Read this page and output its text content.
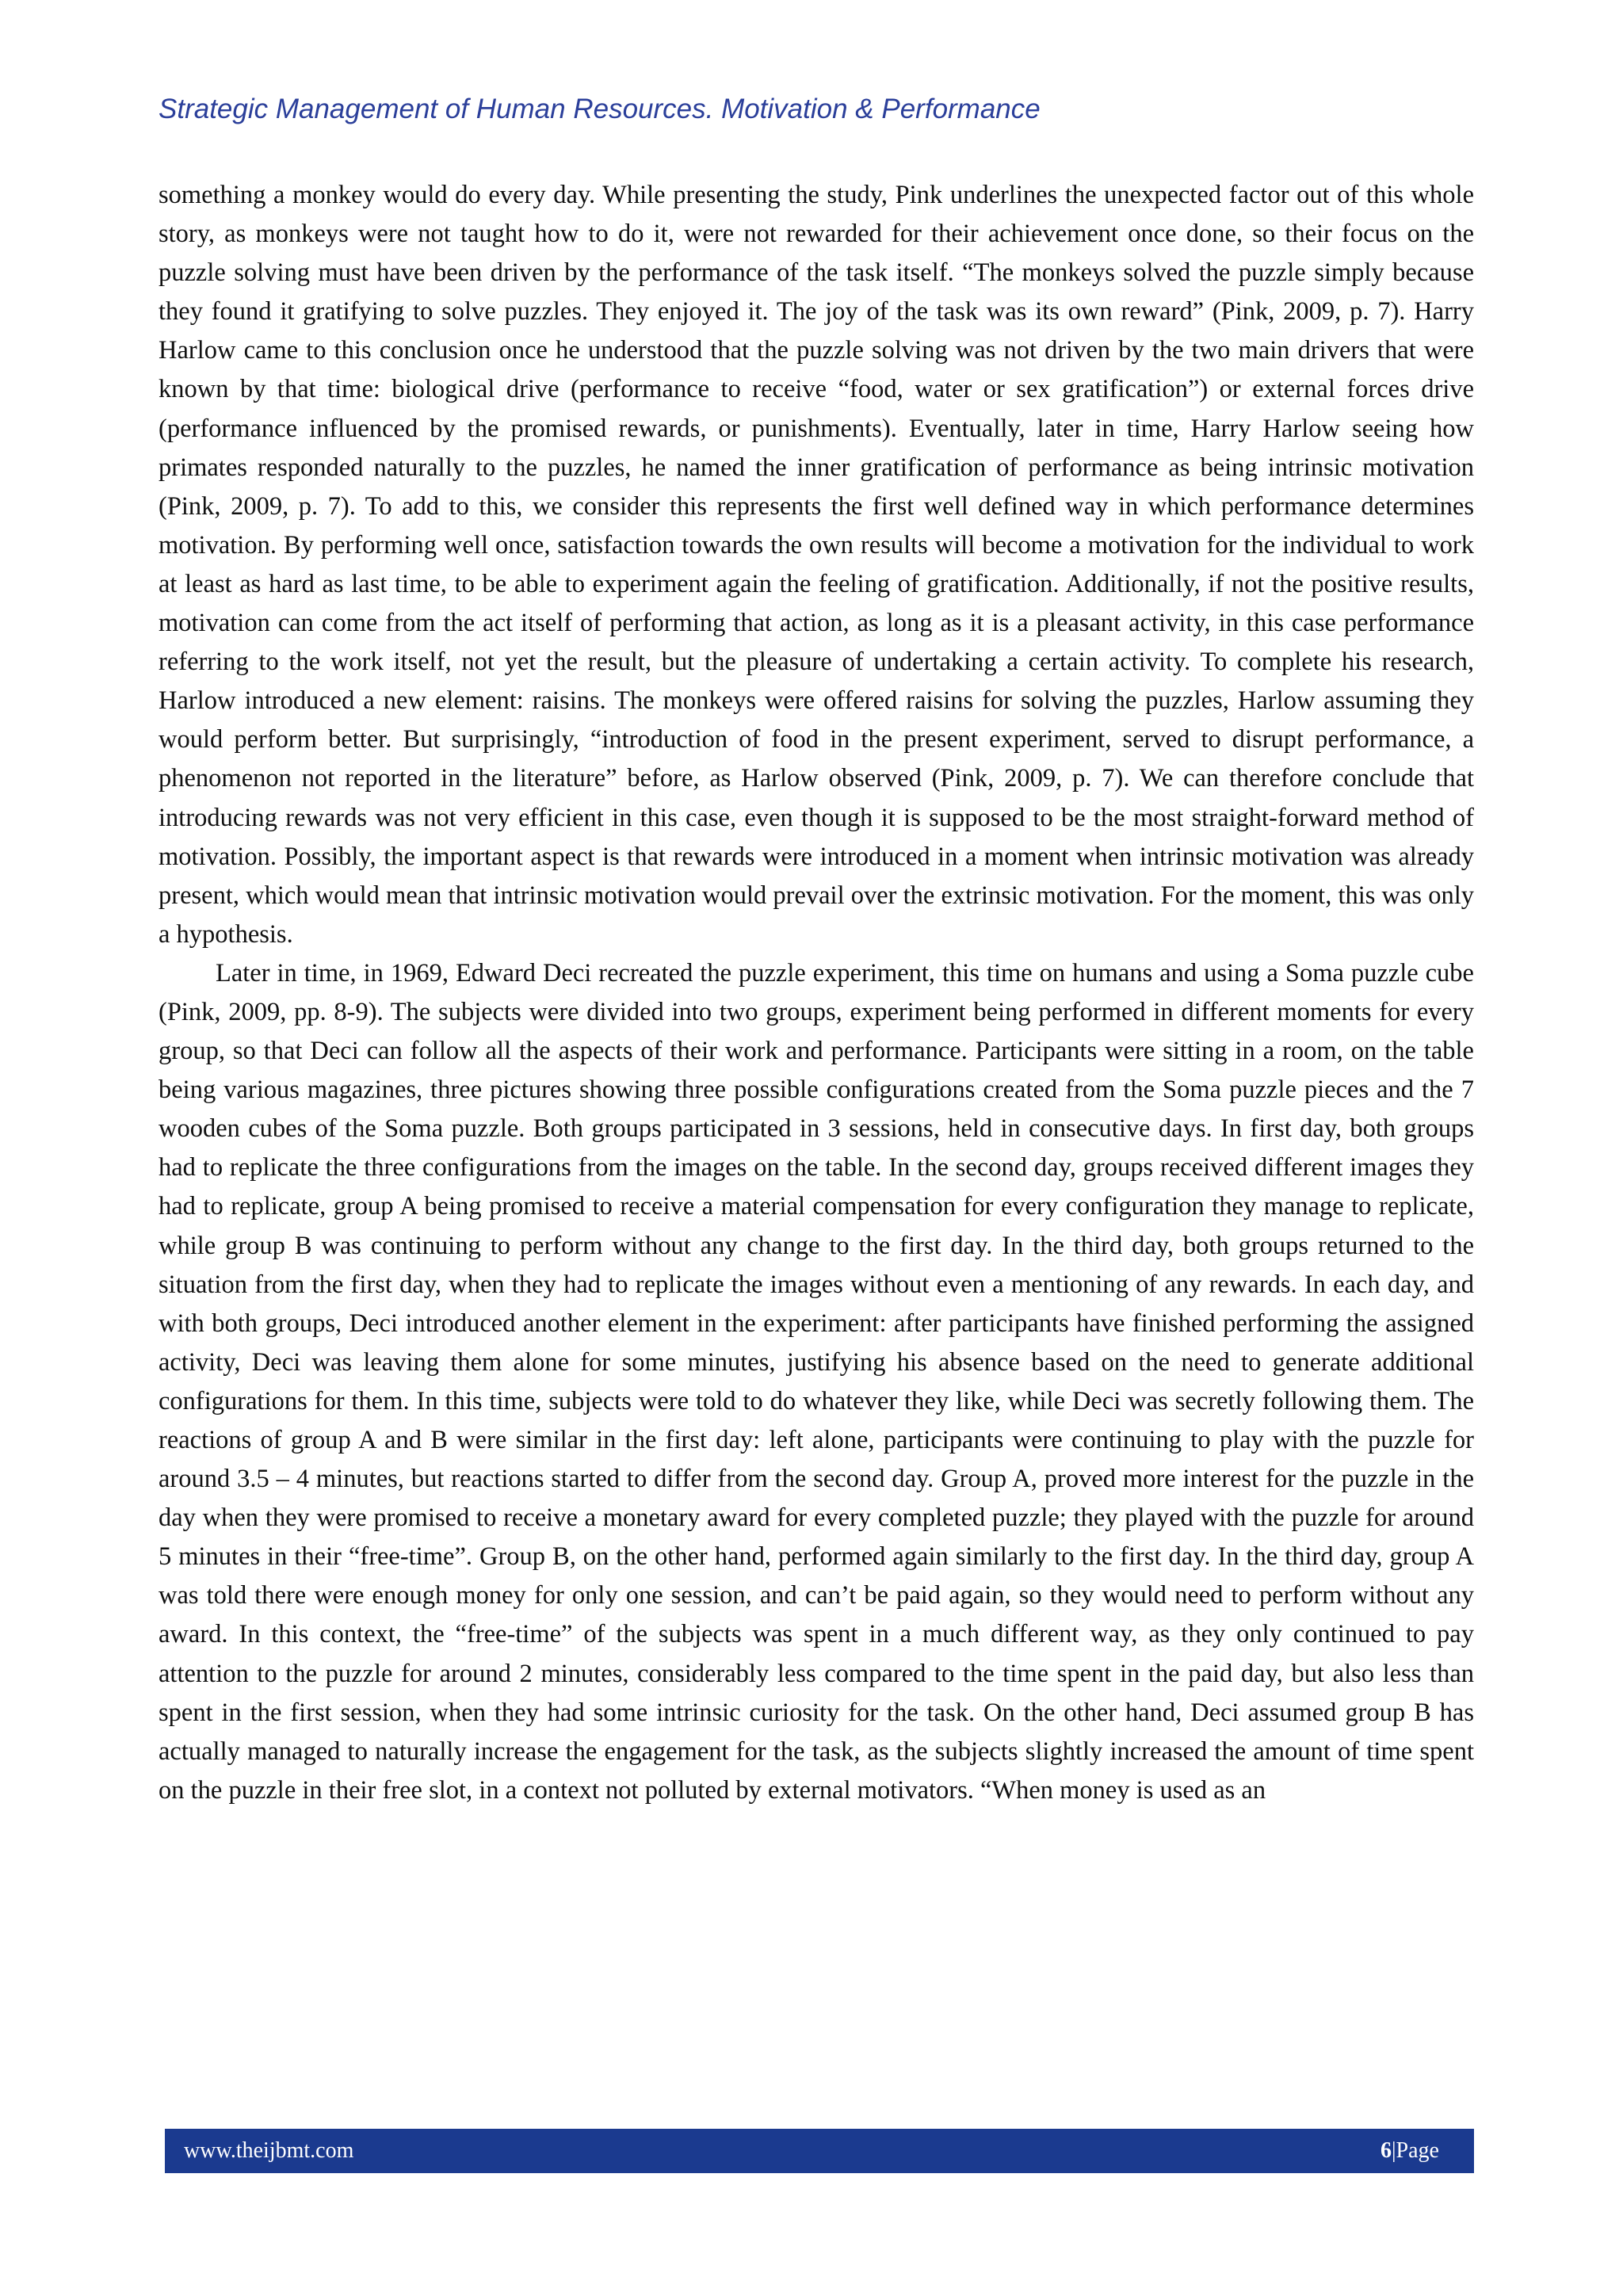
Strategic Management of Human Resources. Motivation & Performance

something a monkey would do every day. While presenting the study, Pink underlines the unexpected factor out of this whole story, as monkeys were not taught how to do it, were not rewarded for their achievement once done, so their focus on the puzzle solving must have been driven by the performance of the task itself. “The monkeys solved the puzzle simply because they found it gratifying to solve puzzles. They enjoyed it. The joy of the task was its own reward” (Pink, 2009, p. 7). Harry Harlow came to this conclusion once he understood that the puzzle solving was not driven by the two main drivers that were known by that time: biological drive (performance to receive “food, water or sex gratification”) or external forces drive (performance influenced by the promised rewards, or punishments). Eventually, later in time, Harry Harlow seeing how primates responded naturally to the puzzles, he named the inner gratification of performance as being intrinsic motivation (Pink, 2009, p. 7). To add to this, we consider this represents the first well defined way in which performance determines motivation. By performing well once, satisfaction towards the own results will become a motivation for the individual to work at least as hard as last time, to be able to experiment again the feeling of gratification. Additionally, if not the positive results, motivation can come from the act itself of performing that action, as long as it is a pleasant activity, in this case performance referring to the work itself, not yet the result, but the pleasure of undertaking a certain activity. To complete his research, Harlow introduced a new element: raisins. The monkeys were offered raisins for solving the puzzles, Harlow assuming they would perform better. But surprisingly, “introduction of food in the present experiment, served to disrupt performance, a phenomenon not reported in the literature” before, as Harlow observed (Pink, 2009, p. 7). We can therefore conclude that introducing rewards was not very efficient in this case, even though it is supposed to be the most straight-forward method of motivation. Possibly, the important aspect is that rewards were introduced in a moment when intrinsic motivation was already present, which would mean that intrinsic motivation would prevail over the extrinsic motivation. For the moment, this was only a hypothesis.

Later in time, in 1969, Edward Deci recreated the puzzle experiment, this time on humans and using a Soma puzzle cube (Pink, 2009, pp. 8-9). The subjects were divided into two groups, experiment being performed in different moments for every group, so that Deci can follow all the aspects of their work and performance. Participants were sitting in a room, on the table being various magazines, three pictures showing three possible configurations created from the Soma puzzle pieces and the 7 wooden cubes of the Soma puzzle. Both groups participated in 3 sessions, held in consecutive days. In first day, both groups had to replicate the three configurations from the images on the table. In the second day, groups received different images they had to replicate, group A being promised to receive a material compensation for every configuration they manage to replicate, while group B was continuing to perform without any change to the first day. In the third day, both groups returned to the situation from the first day, when they had to replicate the images without even a mentioning of any rewards. In each day, and with both groups, Deci introduced another element in the experiment: after participants have finished performing the assigned activity, Deci was leaving them alone for some minutes, justifying his absence based on the need to generate additional configurations for them. In this time, subjects were told to do whatever they like, while Deci was secretly following them. The reactions of group A and B were similar in the first day: left alone, participants were continuing to play with the puzzle for around 3.5 – 4 minutes, but reactions started to differ from the second day. Group A, proved more interest for the puzzle in the day when they were promised to receive a monetary award for every completed puzzle; they played with the puzzle for around 5 minutes in their “free-time”. Group B, on the other hand, performed again similarly to the first day. In the third day, group A was told there were enough money for only one session, and can’t be paid again, so they would need to perform without any award. In this context, the “free-time” of the subjects was spent in a much different way, as they only continued to pay attention to the puzzle for around 2 minutes, considerably less compared to the time spent in the paid day, but also less than spent in the first session, when they had some intrinsic curiosity for the task. On the other hand, Deci assumed group B has actually managed to naturally increase the engagement for the task, as the subjects slightly increased the amount of time spent on the puzzle in their free slot, in a context not polluted by external motivators. “When money is used as an

www.theijbmt.com	6|Page
